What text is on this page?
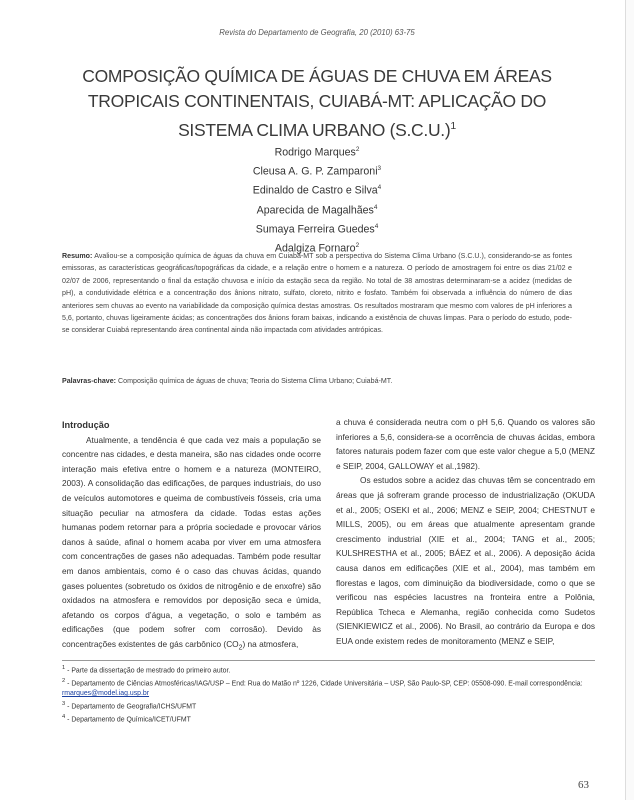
Revista do Departamento de Geografia, 20 (2010) 63-75
COMPOSIÇÃO QUÍMICA DE ÁGUAS DE CHUVA EM ÁREAS
TROPICAIS CONTINENTAIS, CUIABÁ-MT: APLICAÇÃO DO
SISTEMA CLIMA URBANO $(S.C.U.)^1$
Rodrigo Marques$^2$
Cleusa A. G. P. Zamparoni$^3$
Edinaldo de Castro e Silva$^4$
Aparecida de Magalhães$^4$
Sumaya Ferreira Guedes$^4$
Adalgiza Fornaro$^2$
Resumo: Avaliou-se a composição química de águas da chuva em Cuiabá-MT sob a perspectiva do Sistema Clima Urbano (S.C.U.), considerando-se as fontes emissoras, as características geográficas/topográficas da cidade, e a relação entre o homem e a natureza. O período de amostragem foi entre os dias 21/02 e 02/07 de 2006, representando o final da estação chuvosa e início da estação seca da região. No total de 38 amostras determinaram-se a acidez (medidas de pH), a condutividade elétrica e a concentração dos ânions nitrato, sulfato, cloreto, nitrito e fosfato. Também foi observada a influência do número de dias anteriores sem chuvas ao evento na variabilidade da composição química destas amostras. Os resultados mostraram que mesmo com valores de pH inferiores a 5,6, portanto, chuvas ligeiramente ácidas; as concentrações dos ânions foram baixas, indicando a existência de chuvas limpas. Para o período do estudo, pode-se considerar Cuiabá representando área continental ainda não impactada com atividades antrópicas.
Palavras-chave: Composição química de águas de chuva; Teoria do Sistema Clima Urbano; Cuiabá-MT.

Introdução

Atualmente, a tendência é que cada vez mais a população se concentre nas cidades, e desta maneira, são nas cidades onde ocorre interação mais efetiva entre o homem e a natureza (MONTEIRO, 2003). A consolidação das edificações, de parques industriais, do uso de veículos automotores e queima de combustíveis fósseis, cria uma situação peculiar na atmosfera da cidade. Todas estas ações humanas podem retornar para a própria sociedade e provocar vários danos à saúde, afinal o homem acaba por viver em uma atmosfera com concentrações de gases não adequadas. Também pode resultar em danos ambientais, como é o caso das chuvas ácidas, quando gases poluentes (sobretudo os óxidos de nitrogênio e de enxofre) são oxidados na atmosfera e removidos por deposição seca e úmida, afetando os corpos d’água, a vegetação, o solo e também as edificações (que podem sofrer com corrosão). Devido às concentrações existentes de gás carbônico $(CO_2)$ na atmosfera,

a chuva é considerada neutra com o pH 5,6. Quando os valores são inferiores a 5,6, considera-se a ocorrência de chuvas ácidas, embora fatores naturais podem fazer com que este valor chegue a 5,0 (MENZ e SEIP, 2004, GALLOWAY et al.,1982).

Os estudos sobre a acidez das chuvas têm se concentrado em áreas que já sofreram grande processo de industrialização (OKUDA et al., 2005; OSEKI et al., 2006; MENZ e SEIP, 2004; CHESTNUT e MILLS, 2005), ou em áreas que atualmente apresentam grande crescimento industrial (XIE et al., 2004; TANG et al., 2005; KULSHRESTHA et al., 2005; BÁEZ et al., 2006). A deposição ácida causa danos em edificações (XIE et al., 2004), mas também em florestas e lagos, com diminuição da biodiversidade, como o que se verificou nas espécies lacustres na fronteira entre a Polônia, República Tcheca e Alemanha, região conhecida como Sudetos (SIENKIEWICZ et al., 2006). No Brasil, ao contrário da Europa e dos EUA onde existem redes de monitoramento (MENZ e SEIP,

$^1$ - Parte da dissertação de mestrado do primeiro autor.
$^2$ - Departamento de Ciências Atmosféricas/IAG/USP – End: Rua do Matão nº 1226, Cidade Universitária – USP, São Paulo-SP, CEP: 05508-090. E-mail correspondência: rmarques@model.iag.usp.br
$^3$ - Departamento de Geografia/ICHS/UFMT
$^4$ - Departamento de Química/ICET/UFMT
63
